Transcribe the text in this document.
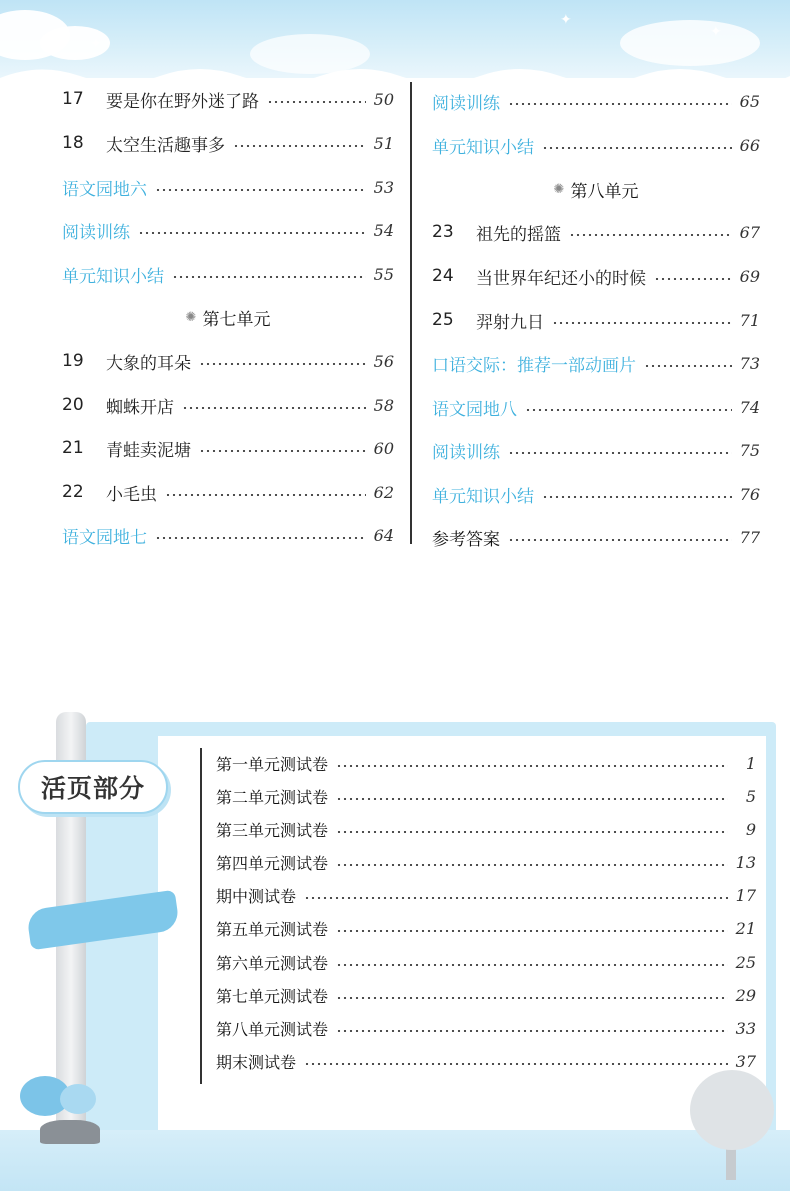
✦
✦
✦
17	要是你在野外迷了路	50
18	太空生活趣事多	51
语文园地六	53
阅读训练	54
单元知识小结	55
✺ 第七单元
19	大象的耳朵	56
20	蜘蛛开店	58
21	青蛙卖泥塘	60
22	小毛虫	62
语文园地七	64
阅读训练	65
单元知识小结	66
✺ 第八单元
23	祖先的摇篮	67
24	当世界年纪还小的时候	69
25	羿射九日	71
口语交际：推荐一部动画片	73
语文园地八	74
阅读训练	75
单元知识小结	76
参考答案	77
活页部分
第一单元测试卷	1
第二单元测试卷	5
第三单元测试卷	9
第四单元测试卷	13
期中测试卷	17
第五单元测试卷	21
第六单元测试卷	25
第七单元测试卷	29
第八单元测试卷	33
期末测试卷	37
